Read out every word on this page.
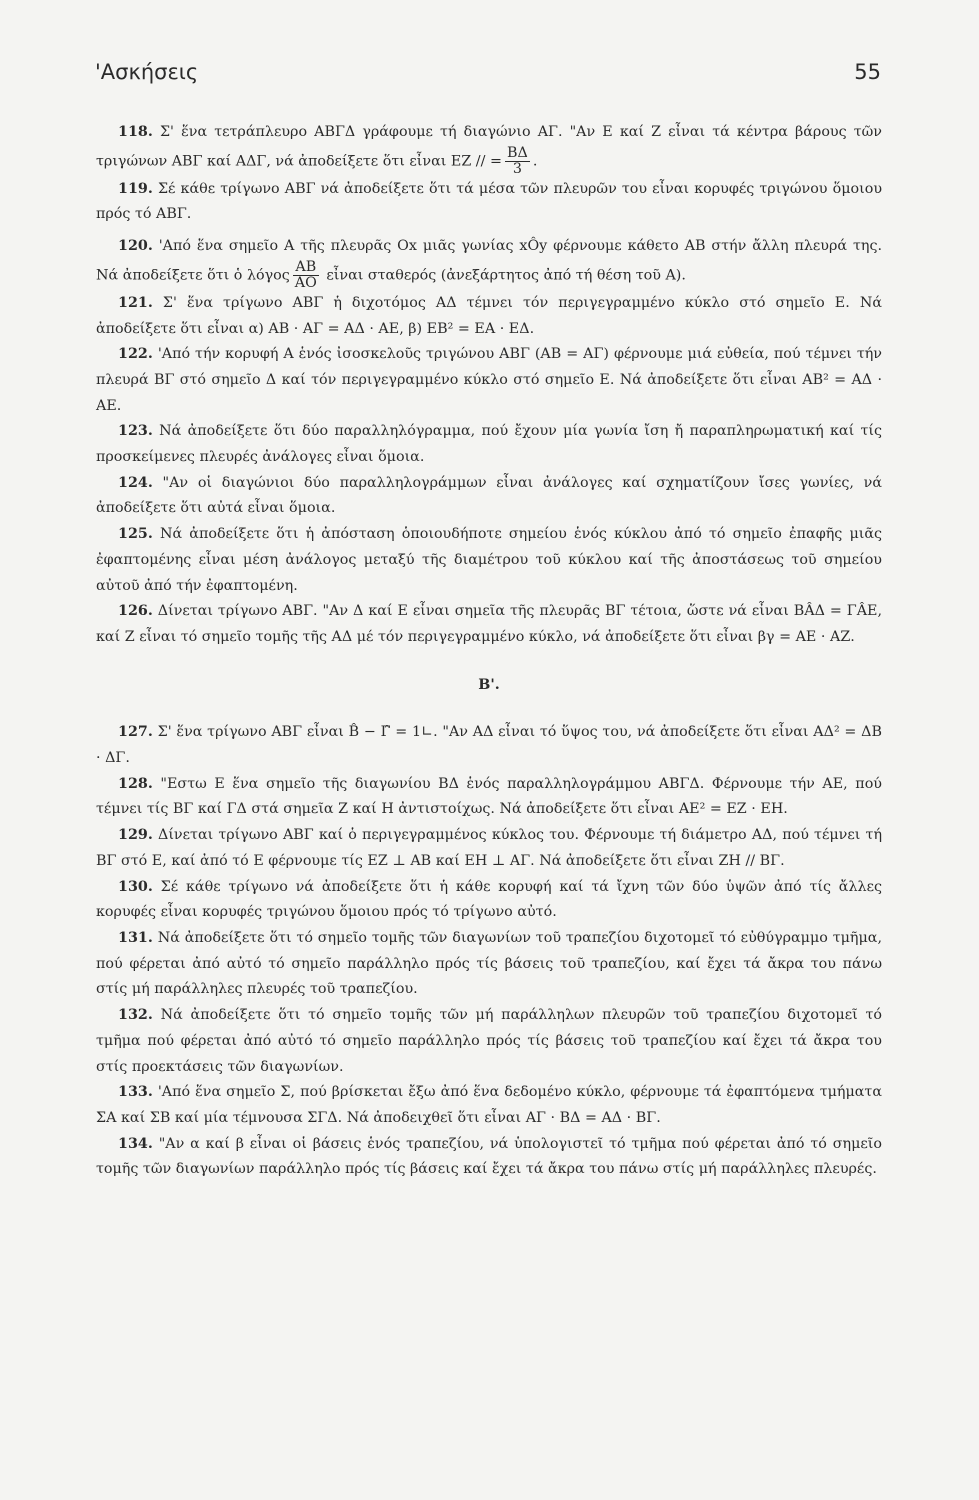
'Ασκήσεις	55

118. Σ' ἕνα τετράπλευρο ΑΒΓΔ γράφουμε τή διαγώνιο ΑΓ. "Αν Ε καί Ζ εἶναι τά κέντρα βάρους τῶν τριγώνων ΑΒΓ καί ΑΔΓ, νά ἀποδείξετε ὅτι εἶναι ΕΖ // = $\frac{B\Delta}{3}$ .

119. Σέ κάθε τρίγωνο ΑΒΓ νά ἀποδείξετε ὅτι τά μέσα τῶν πλευρῶν του εἶναι κορυφές τριγώνου ὅμοιου πρός τό ΑΒΓ.

120. 'Από ἕνα σημεῖο Α τῆς πλευρᾶς Οx μιᾶς γωνίας xÔy φέρνουμε κάθετο ΑΒ στήν ἄλλη πλευρά της. Νά ἀποδείξετε ὅτι ὁ λόγος $\frac{AB}{AO}$ εἶναι σταθερός (ἀνεξάρτητος ἀπό τή θέση τοῦ Α).

121. Σ' ἕνα τρίγωνο ΑΒΓ ἡ διχοτόμος ΑΔ τέμνει τόν περιγεγραμμένο κύκλο στό σημεῖο Ε. Νά ἀποδείξετε ὅτι εἶναι α) ΑΒ · ΑΓ = ΑΔ · ΑΕ, β) ΕΒ² = ΕΑ · ΕΔ.

122. 'Από τήν κορυφή Α ἑνός ἰσοσκελοῦς τριγώνου ΑΒΓ (ΑΒ = ΑΓ) φέρνουμε μιά εὐθεία, πού τέμνει τήν πλευρά ΒΓ στό σημεῖο Δ καί τόν περιγεγραμμένο κύκλο στό σημεῖο Ε. Νά ἀποδείξετε ὅτι εἶναι ΑΒ² = ΑΔ · ΑΕ.

123. Νά ἀποδείξετε ὅτι δύο παραλληλόγραμμα, πού ἔχουν μία γωνία ἴση ἤ παραπληρωματική καί τίς προσκείμενες πλευρές ἀνάλογες εἶναι ὅμοια.

124. "Αν οἱ διαγώνιοι δύο παραλληλογράμμων εἶναι ἀνάλογες καί σχηματίζουν ἴσες γωνίες, νά ἀποδείξετε ὅτι αὐτά εἶναι ὅμοια.

125. Νά ἀποδείξετε ὅτι ἡ ἀπόσταση ὁποιουδήποτε σημείου ἑνός κύκλου ἀπό τό σημεῖο ἐπαφῆς μιᾶς ἐφαπτομένης εἶναι μέση ἀνάλογος μεταξύ τῆς διαμέτρου τοῦ κύκλου καί τῆς ἀποστάσεως τοῦ σημείου αὐτοῦ ἀπό τήν ἐφαπτομένη.

126. Δίνεται τρίγωνο ΑΒΓ. "Αν Δ καί Ε εἶναι σημεῖα τῆς πλευρᾶς ΒΓ τέτοια, ὥστε νά εἶναι ΒÂΔ = ΓÂΕ, καί Ζ εἶναι τό σημεῖο τομῆς τῆς ΑΔ μέ τόν περιγεγραμμένο κύκλο, νά ἀποδείξετε ὅτι εἶναι βγ = ΑΕ · ΑΖ.

Β'.

127. Σ' ἕνα τρίγωνο ΑΒΓ εἶναι B̂ − Γ̂ = 1∟. "Αν ΑΔ εἶναι τό ὕψος του, νά ἀποδείξετε ὅτι εἶναι ΑΔ² = ΔΒ · ΔΓ.

128. "Εστω Ε ἕνα σημεῖο τῆς διαγωνίου ΒΔ ἑνός παραλληλογράμμου ΑΒΓΔ. Φέρνουμε τήν ΑΕ, πού τέμνει τίς ΒΓ καί ΓΔ στά σημεῖα Ζ καί Η ἀντιστοίχως. Νά ἀποδείξετε ὅτι εἶναι ΑΕ² = ΕΖ · ΕΗ.

129. Δίνεται τρίγωνο ΑΒΓ καί ὁ περιγεγραμμένος κύκλος του. Φέρνουμε τή διάμετρο ΑΔ, πού τέμνει τή ΒΓ στό Ε, καί ἀπό τό Ε φέρνουμε τίς ΕΖ ⊥ ΑΒ καί ΕΗ ⊥ ΑΓ. Νά ἀποδείξετε ὅτι εἶναι ΖΗ // ΒΓ.

130. Σέ κάθε τρίγωνο νά ἀποδείξετε ὅτι ἡ κάθε κορυφή καί τά ἴχνη τῶν δύο ὑψῶν ἀπό τίς ἄλλες κορυφές εἶναι κορυφές τριγώνου ὅμοιου πρός τό τρίγωνο αὐτό.

131. Νά ἀποδείξετε ὅτι τό σημεῖο τομῆς τῶν διαγωνίων τοῦ τραπεζίου διχοτομεῖ τό εὐθύγραμμο τμῆμα, πού φέρεται ἀπό αὐτό τό σημεῖο παράλληλο πρός τίς βάσεις τοῦ τραπεζίου, καί ἔχει τά ἄκρα του πάνω στίς μή παράλληλες πλευρές τοῦ τραπεζίου.

132. Νά ἀποδείξετε ὅτι τό σημεῖο τομῆς τῶν μή παράλληλων πλευρῶν τοῦ τραπεζίου διχοτομεῖ τό τμῆμα πού φέρεται ἀπό αὐτό τό σημεῖο παράλληλο πρός τίς βάσεις τοῦ τραπεζίου καί ἔχει τά ἄκρα του στίς προεκτάσεις τῶν διαγωνίων.

133. 'Από ἕνα σημεῖο Σ, πού βρίσκεται ἔξω ἀπό ἕνα δεδομένο κύκλο, φέρνουμε τά ἐφαπτόμενα τμήματα ΣΑ καί ΣΒ καί μία τέμνουσα ΣΓΔ. Νά ἀποδειχθεῖ ὅτι εἶναι ΑΓ · ΒΔ = ΑΔ · ΒΓ.

134. "Αν α καί β εἶναι οἱ βάσεις ἑνός τραπεζίου, νά ὑπολογιστεῖ τό τμῆμα πού φέρεται ἀπό τό σημεῖο τομῆς τῶν διαγωνίων παράλληλο πρός τίς βάσεις καί ἔχει τά ἄκρα του πάνω στίς μή παράλληλες πλευρές.
